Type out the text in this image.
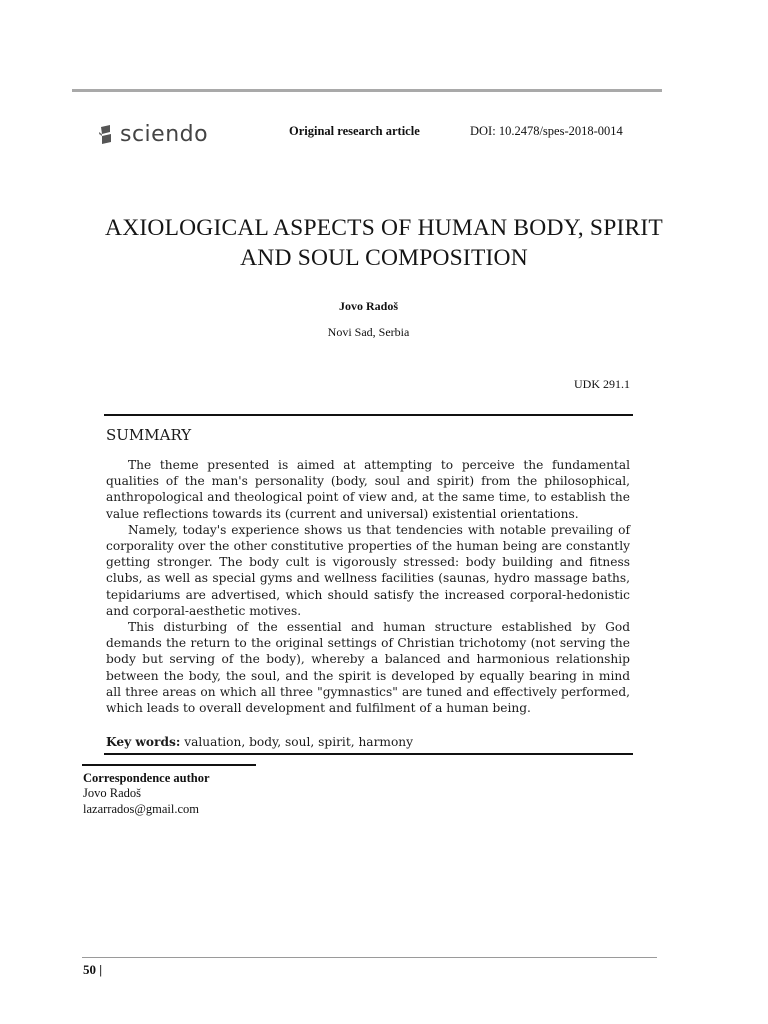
sciendo	Original research article	DOI: 10.2478/spes-2018-0014
AXIOLOGICAL ASPECTS OF HUMAN BODY, SPIRIT
AND SOUL COMPOSITION
Jovo Radoš
Novi Sad, Serbia
UDK 291.1
SUMMARY

The theme presented is aimed at attempting to perceive the fundamental qualities of the man's personality (body, soul and spirit) from the philosophical, anthropological and theological point of view and, at the same time, to establish the value reflections towards its (current and universal) existential orientations.

Namely, today's experience shows us that tendencies with notable prevailing of corporality over the other constitutive properties of the human being are constantly getting stronger. The body cult is vigorously stressed: body building and fitness clubs, as well as special gyms and wellness facilities (saunas, hydro massage baths, tepidariums are advertised, which should satisfy the increased corporal-hedonistic and corporal-aesthetic motives.

This disturbing of the essential and human structure established by God demands the return to the original settings of Christian trichotomy (not serving the body but serving of the body), whereby a balanced and harmonious relationship between the body, the soul, and the spirit is developed by equally bearing in mind all three areas on which all three "gymnastics" are tuned and effectively performed, which leads to overall development and fulfilment of a human being.

Key words: valuation, body, soul, spirit, harmony
Correspondence author
Jovo Radoš
lazarrados@gmail.com
50 |
